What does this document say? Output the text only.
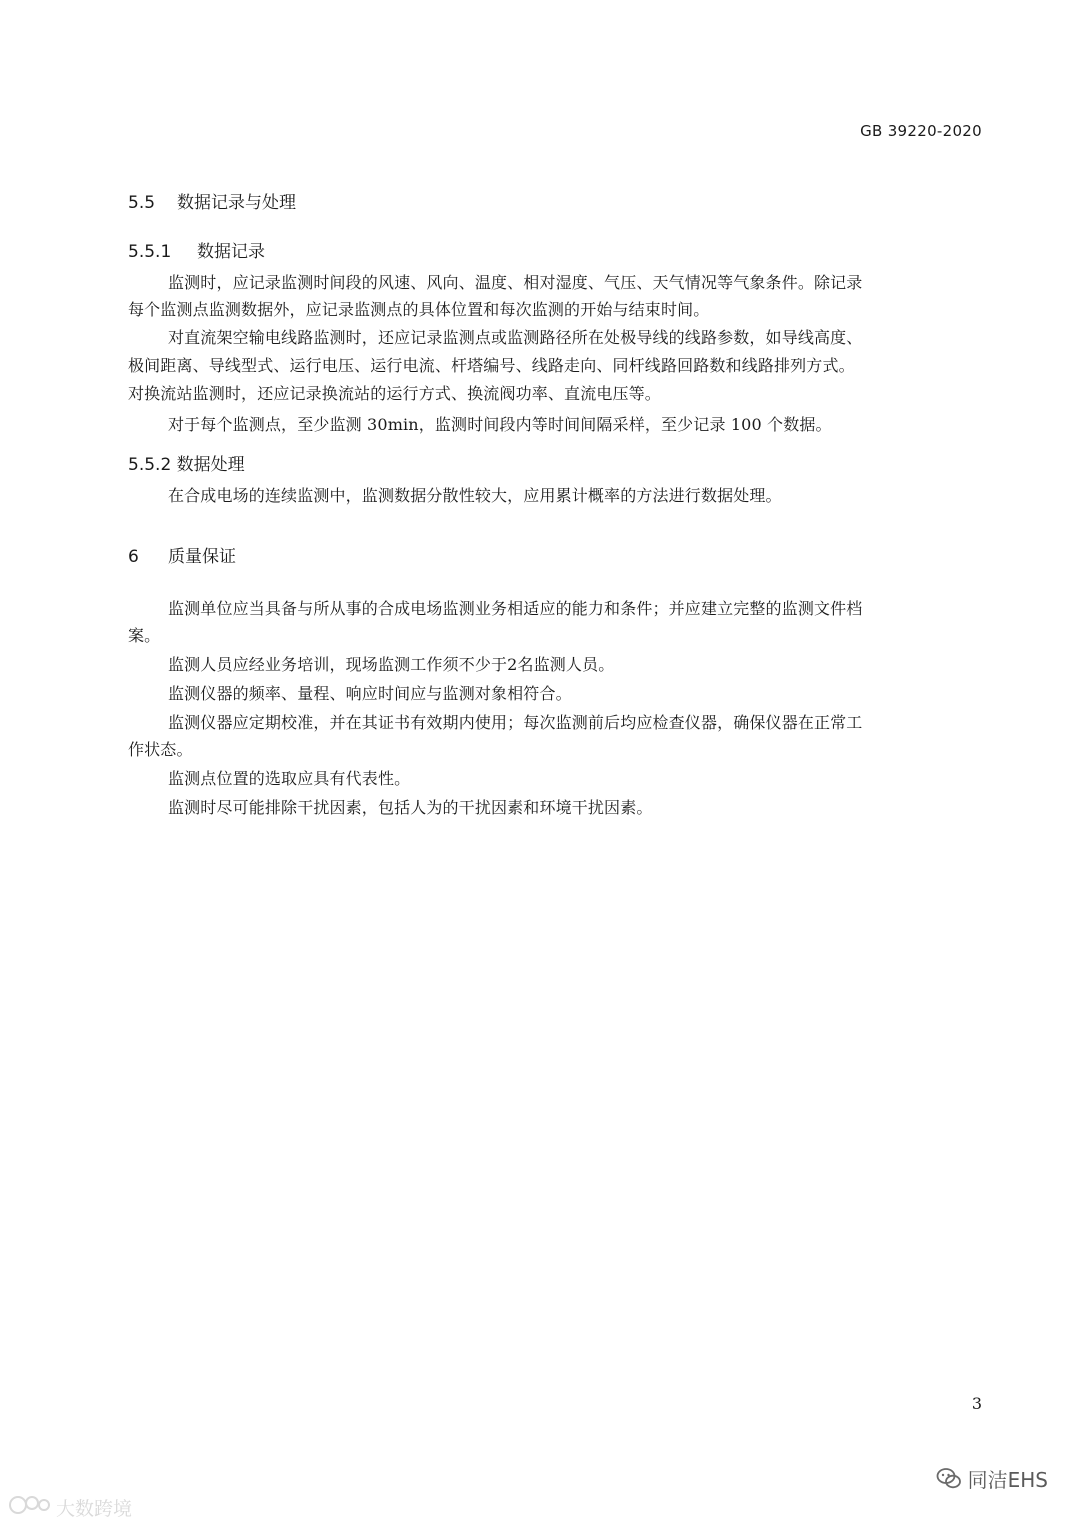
GB 39220-2020
5.5 数据记录与处理
5.5.1 数据记录
监测时，应记录监测时间段的风速、风向、温度、相对湿度、气压、天气情况等气象条件。除记录
每个监测点监测数据外，应记录监测点的具体位置和每次监测的开始与结束时间。
对直流架空输电线路监测时，还应记录监测点或监测路径所在处极导线的线路参数，如导线高度、
极间距离、导线型式、运行电压、运行电流、杆塔编号、线路走向、同杆线路回路数和线路排列方式。
对换流站监测时，还应记录换流站的运行方式、换流阀功率、直流电压等。
对于每个监测点，至少监测 30min，监测时间段内等时间间隔采样，至少记录 100 个数据。
5.5.2 数据处理
在合成电场的连续监测中，监测数据分散性较大，应用累计概率的方法进行数据处理。
6 质量保证
监测单位应当具备与所从事的合成电场监测业务相适应的能力和条件；并应建立完整的监测文件档
案。
监测人员应经业务培训，现场监测工作须不少于2名监测人员。
监测仪器的频率、量程、响应时间应与监测对象相符合。
监测仪器应定期校准，并在其证书有效期内使用；每次监测前后均应检查仪器，确保仪器在正常工
作状态。
监测点位置的选取应具有代表性。
监测时尽可能排除干扰因素，包括人为的干扰因素和环境干扰因素。
3
同洁EHS
大数跨境
